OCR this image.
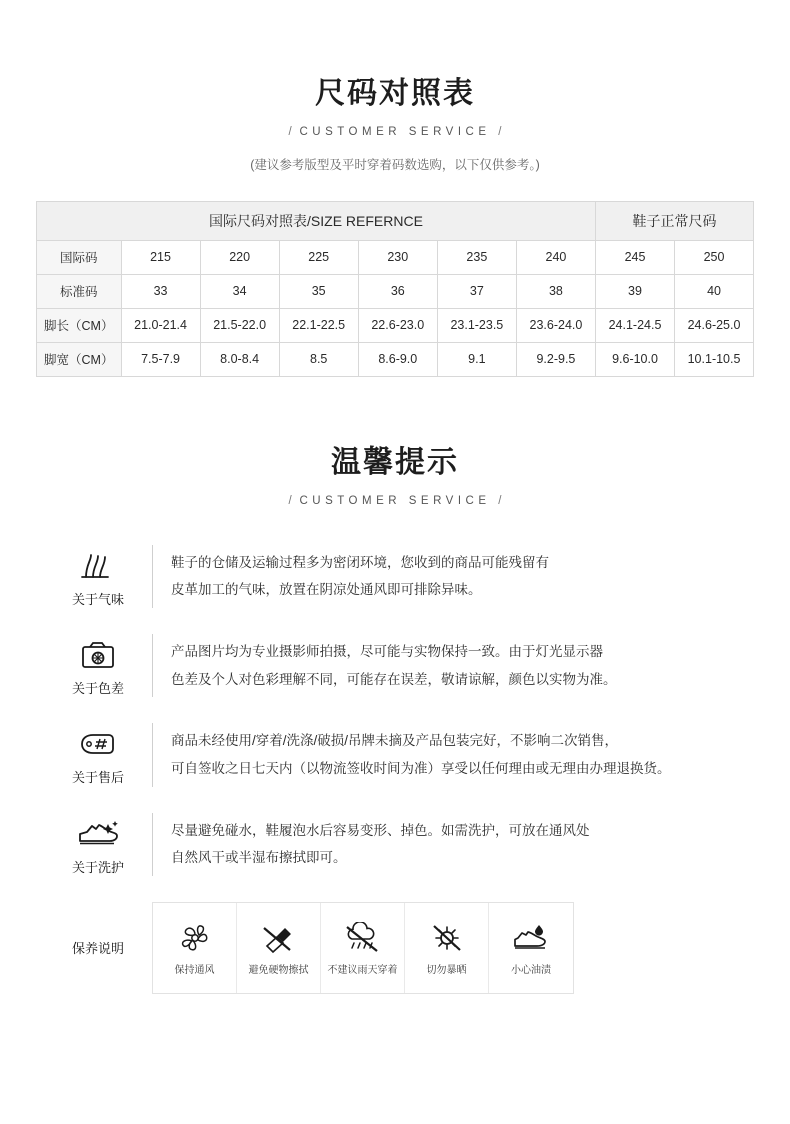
尺码对照表
/ CUSTOMER SERVICE /
(建议参考版型及平时穿着码数选购，以下仅供参考。)
国际尺码对照表/SIZE REFERNCE							鞋子正常尺码	
国际码	215	220	225	230	235	240	245	250
标准码	33	34	35	36	37	38	39	40
脚长（CM）	21.0-21.4	21.5-22.0	22.1-22.5	22.6-23.0	23.1-23.5	23.6-24.0	24.1-24.5	24.6-25.0
脚宽（CM）	7.5-7.9	8.0-8.4	8.5	8.6-9.0	9.1	9.2-9.5	9.6-10.0	10.1-10.5
温馨提示
/ CUSTOMER SERVICE /
关于气味
鞋子的仓储及运输过程多为密闭环境，您收到的商品可能残留有
皮革加工的气味，放置在阴凉处通风即可排除异味。
关于色差
产品图片均为专业摄影师拍摄，尽可能与实物保持一致。由于灯光显示器
色差及个人对色彩理解不同，可能存在误差，敬请谅解，颜色以实物为准。
关于售后
商品未经使用/穿着/洗涤/破损/吊牌未摘及产品包装完好，不影响二次销售，
可自签收之日七天内（以物流签收时间为准）享受以任何理由或无理由办理退换货。
关于洗护
尽量避免碰水，鞋履泡水后容易变形、掉色。如需洗护，可放在通风处
自然风干或半湿布擦拭即可。
保养说明
保持通风	避免硬物擦拭 不建议雨天穿着	切勿暴晒	小心油渍
